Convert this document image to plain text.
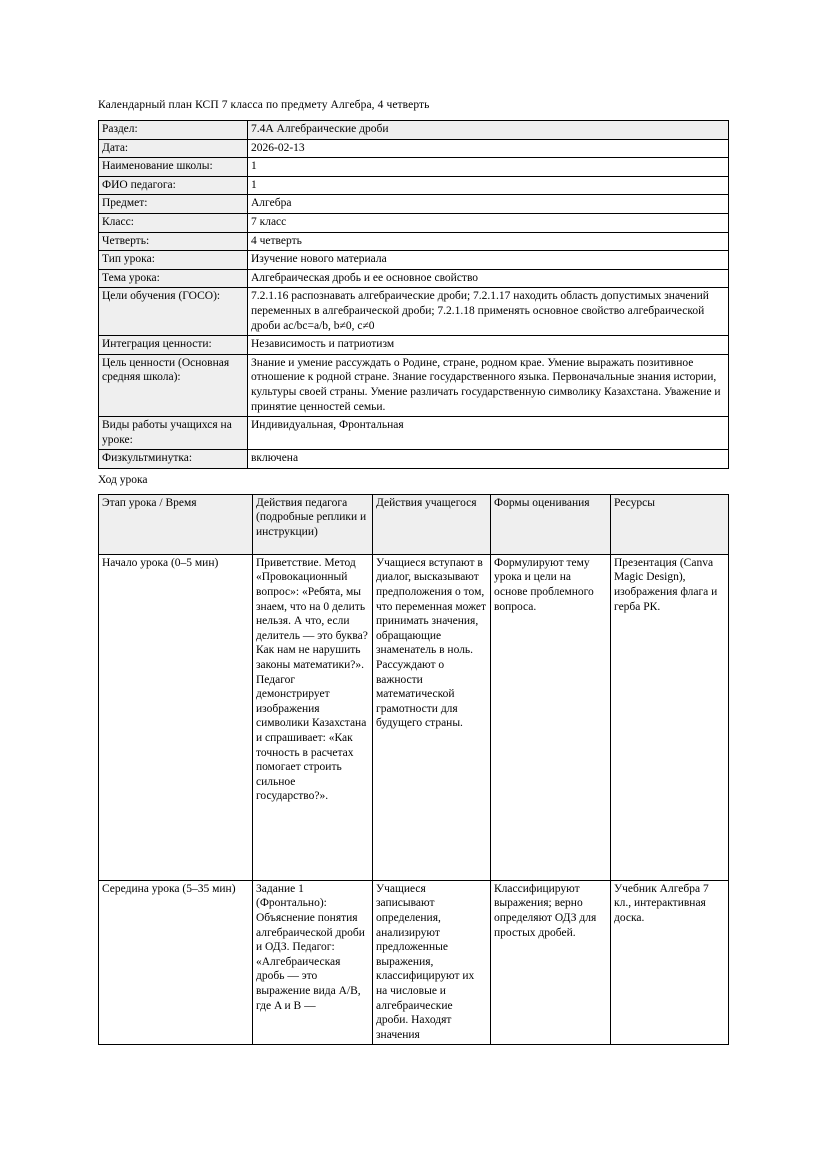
Календарный план КСП 7 класса по предмету Алгебра, 4 четверть

Раздел:	7.4А Алгебраические дроби
Дата:	2026-02-13
Наименование школы:	1
ФИО педагога:	1
Предмет:	Алгебра
Класс:	7 класс
Четверть:	4 четверть
Тип урока:	Изучение нового материала
Тема урока:	Алгебраическая дробь и ее основное свойство
Цели обучения (ГОСО):	7.2.1.16 распознавать алгебраические дроби; 7.2.1.17 находить область допустимых значений переменных в алгебраической дроби; 7.2.1.18 применять основное свойство алгебраической дроби ac/bc=a/b, b≠0, c≠0
Интеграция ценности:	Независимость и патриотизм
Цель ценности (Основная средняя школа):	Знание и умение рассуждать о Родине, стране, родном крае. Умение выражать позитивное отношение к родной стране. Знание государственного языка. Первоначальные знания истории, культуры своей страны. Умение различать государственную символику Казахстана. Уважение и принятие ценностей семьи.
Виды работы учащихся на уроке:	Индивидуальная, Фронтальная
Физкультминутка:	включена

Ход урока

Этап урока / Время	Действия педагога (подробные реплики и инструкции)	Действия учащегося	Формы оценивания	Ресурсы
Начало урока (0–5 мин)	Приветствие. Метод «Провокационный вопрос»: «Ребята, мы знаем, что на 0 делить нельзя. А что, если делитель — это буква? Как нам не нарушить законы математики?». Педагог демонстрирует изображения символики Казахстана и спрашивает: «Как точность в расчетах помогает строить сильное государство?».	Учащиеся вступают в диалог, высказывают предположения о том, что переменная может принимать значения, обращающие знаменатель в ноль. Рассуждают о важности математической грамотности для будущего страны.	Формулируют тему урока и цели на основе проблемного вопроса.	Презентация (Canva Magic Design), изображения флага и герба РК.
Середина урока (5–35 мин)	Задание 1 (Фронтально): Объяснение понятия алгебраической дроби и ОДЗ. Педагог: «Алгебраическая дробь — это выражение вида A/B, где A и B —	Учащиеся записывают определения, анализируют предложенные выражения, классифицируют их на числовые и алгебраические дроби. Находят значения	Классифицируют выражения; верно определяют ОДЗ для простых дробей.	Учебник Алгебра 7 кл., интерактивная доска.
